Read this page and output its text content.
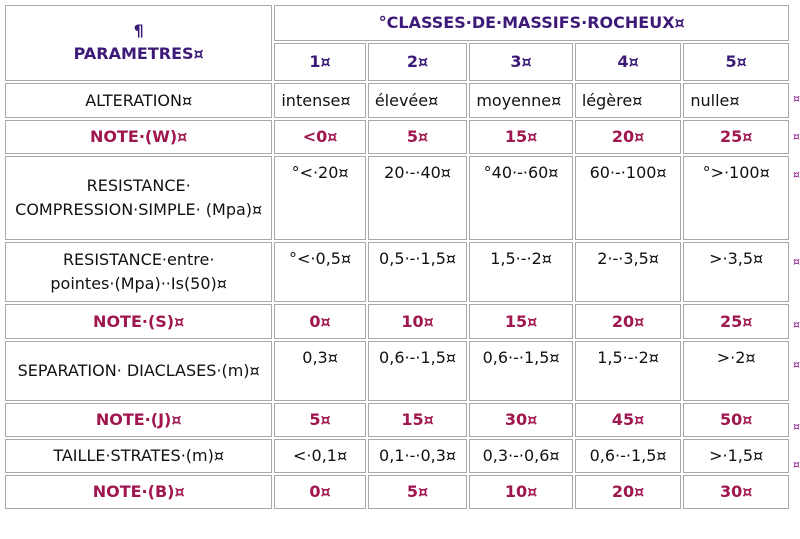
¶
PARAMETRES¤	°CLASSES·DE·MASSIFS·ROCHEUX¤				
	1¤	2¤	3¤	4¤	5¤
ALTERATION¤	intense¤	élevée¤	moyenne¤	légère¤	nulle¤
NOTE·(W)¤	<0¤	5¤	15¤	20¤	25¤
RESISTANCE· COMPRESSION·SIMPLE· (Mpa)¤	°<·20¤	20·-·40¤	°40·-·60¤	60·-·100¤	°>·100¤
RESISTANCE·entre· pointes·(Mpa)··Is(50)¤	°<·0,5¤	0,5·-·1,5¤	1,5·-·2¤	2·-·3,5¤	>·3,5¤
NOTE·(S)¤	0¤	10¤	15¤	20¤	25¤
SEPARATION· DIACLASES·(m)¤	0,3¤	0,6·-·1,5¤	0,6·-·1,5¤	1,5·-·2¤	>·2¤
NOTE·(J)¤	5¤	15¤	30¤	45¤	50¤
TAILLE·STRATES·(m)¤	<·0,1¤	0,1·-·0,3¤	0,3·-·0,6¤	0,6·-·1,5¤	>·1,5¤
NOTE·(B)¤	0¤	5¤	10¤	20¤	30¤
¤
¤
¤
¤
¤
¤
¤
¤
